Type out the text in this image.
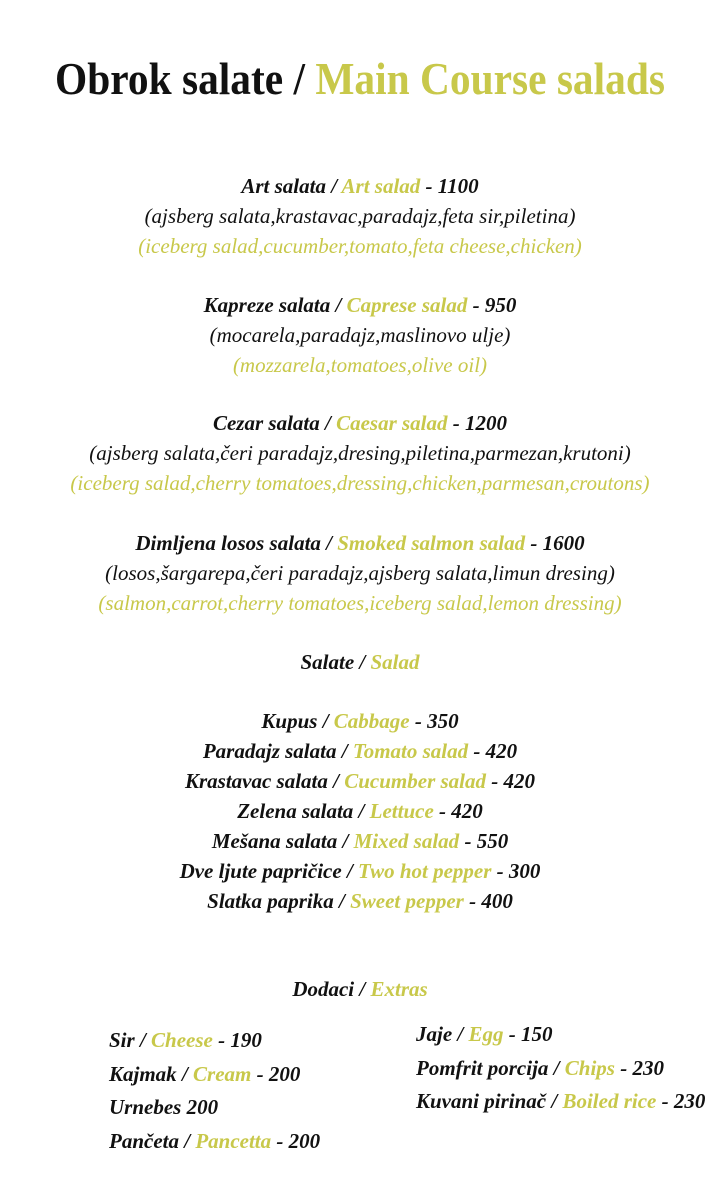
Obrok salate / Main Course salads
Art salata / Art salad - 1100
(ajsberg salata,krastavac,paradajz,feta sir,piletina)
(iceberg salad,cucumber,tomato,feta cheese,chicken)
Kapreze salata / Caprese salad - 950
(mocarela,paradajz,maslinovo ulje)
(mozzarela,tomatoes,olive oil)
Cezar salata / Caesar salad - 1200
(ajsberg salata,čeri paradajz,dresing,piletina,parmezan,krutoni)
(iceberg salad,cherry tomatoes,dressing,chicken,parmesan,croutons)
Dimljena losos salata / Smoked salmon salad - 1600
(losos,šargarepa,čeri paradajz,ajsberg salata,limun dresing)
(salmon,carrot,cherry tomatoes,iceberg salad,lemon dressing)
Salate / Salad
Kupus / Cabbage - 350
Paradajz salata / Tomato salad - 420
Krastavac salata / Cucumber salad - 420
Zelena salata / Lettuce - 420
Mešana salata / Mixed salad - 550
Dve ljute papričice / Two hot pepper - 300
Slatka paprika / Sweet pepper - 400
Dodaci / Extras
Sir / Cheese - 190
Kajmak / Cream - 200
Urnebes 200
Pančeta / Pancetta - 200
Jaje / Egg - 150
Pomfrit porcija / Chips - 230
Kuvani pirinač / Boiled rice - 230
